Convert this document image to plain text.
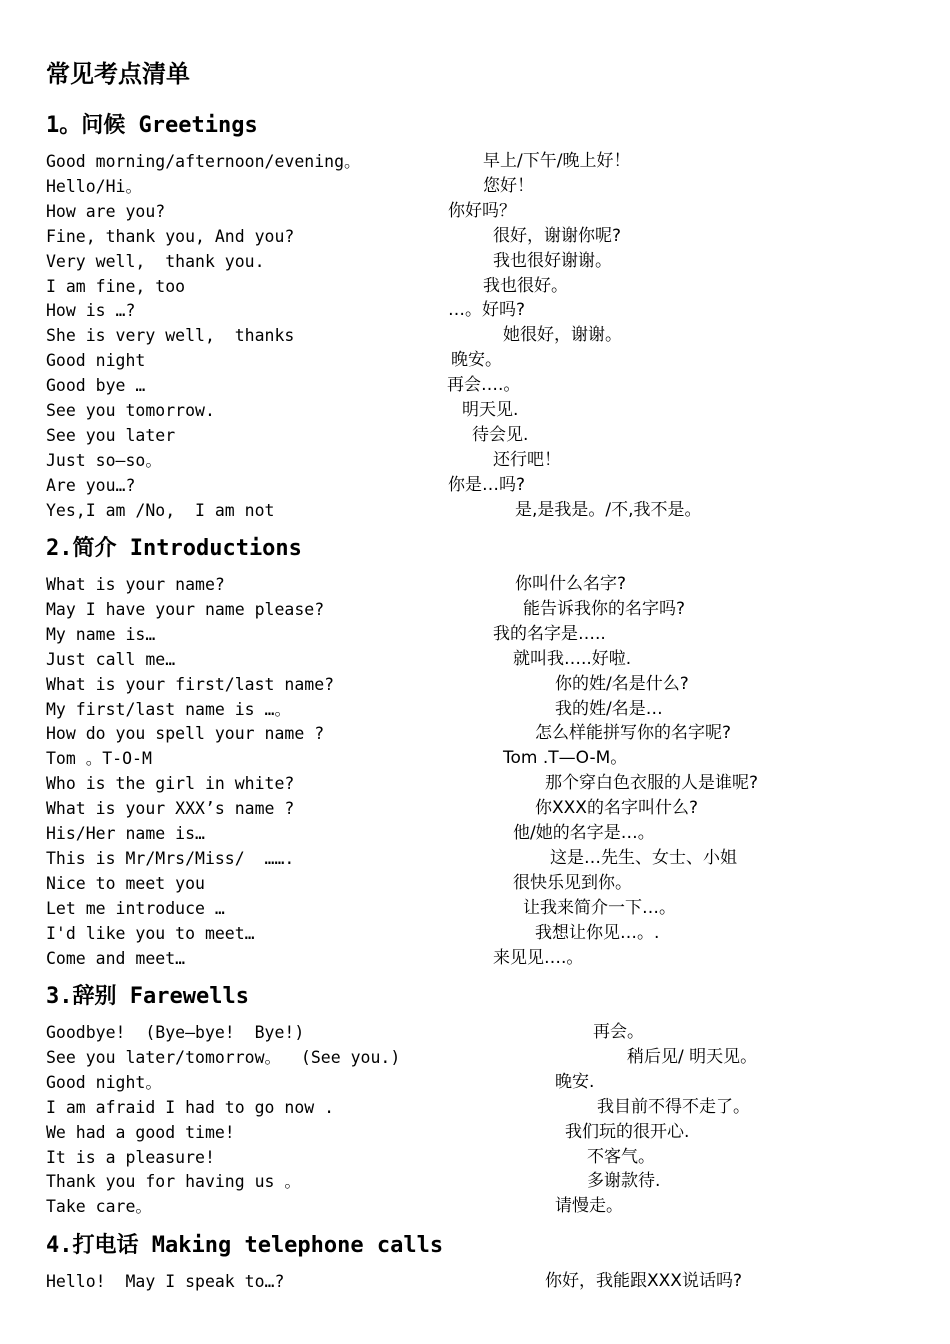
常见考点清单
1。问候 Greetings
Good morning/afternoon/evening。	早上/下午/晚上好！
Hello/Hi。	您好！
How are you?	你好吗？
Fine, thank you, And you?	很好，谢谢你呢?
Very well,  thank you.	我也很好谢谢。
I am fine, too	我也很好。
How is …?	…。好吗?
She is very well,  thanks	她很好，谢谢。
Good night	晚安。
Good bye …	再会….。
See you tomorrow.	明天见.
See you later	待会见.
Just so—so。	还行吧！
Are you…?	你是…吗?
Yes,I am /No,  I am not	是,是我是。/不,我不是。
2.简介 Introductions
What is your name?	你叫什么名字?
May I have your name please?	能告诉我你的名字吗?
My name is…	我的名字是…..
Just call me…	就叫我…..好啦.
What is your first/last name?	你的姓/名是什么?
My first/last name is …。	我的姓/名是…
How do you spell your name ?	怎么样能拼写你的名字呢?
Tom 。T-O-M	Tom .T—O-M。
Who is the girl in white?	那个穿白色衣服的人是谁呢?
What is your XXX’s name ?	你XXX的名字叫什么?
His/Her name is…	他/她的名字是…。
This is Mr/Mrs/Miss/  …….	这是…先生、女士、小姐
Nice to meet you	很快乐见到你。
Let me introduce …	让我来简介一下…。
I'd like you to meet…	我想让你见…。.
Come and meet…	来见见….。
3.辞别 Farewells
Goodbye!  (Bye—bye!  Bye!)	再会。
See you later/tomorrow。  (See you.)	稍后见/ 明天见。
Good night。	晚安.
I am afraid I had to go now .	我目前不得不走了。
We had a good time!	我们玩的很开心.
It is a pleasure!	不客气。
Thank you for having us 。	多谢款待.
Take care。	请慢走。
4.打电话 Making telephone calls
Hello!  May I speak to…?	你好，我能跟XXX说话吗?
